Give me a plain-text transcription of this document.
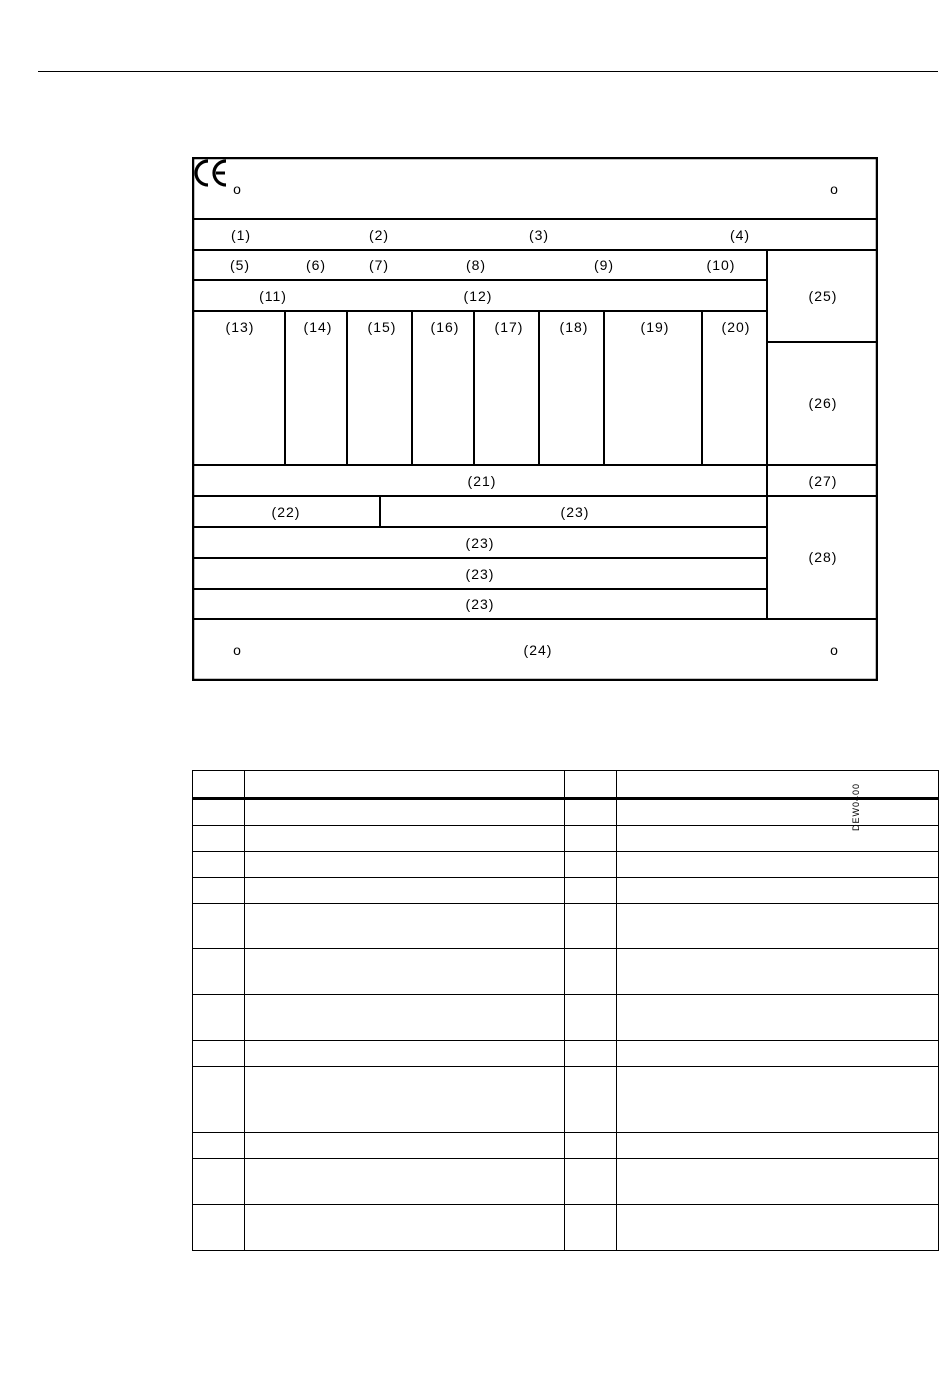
o	o
o	o
(1)	(2)	(3)	(4)
(5)	(6)	(7)	(8)	(9)	(10)
(11)	(12)
(13)	(14)	(15) (16)	(17)	(18)	(19)	(20)
(25)
(26)
(21)	(27)
(22)	(23)
(23)
(23)
(23)
(28)
(24)
DEW0400
